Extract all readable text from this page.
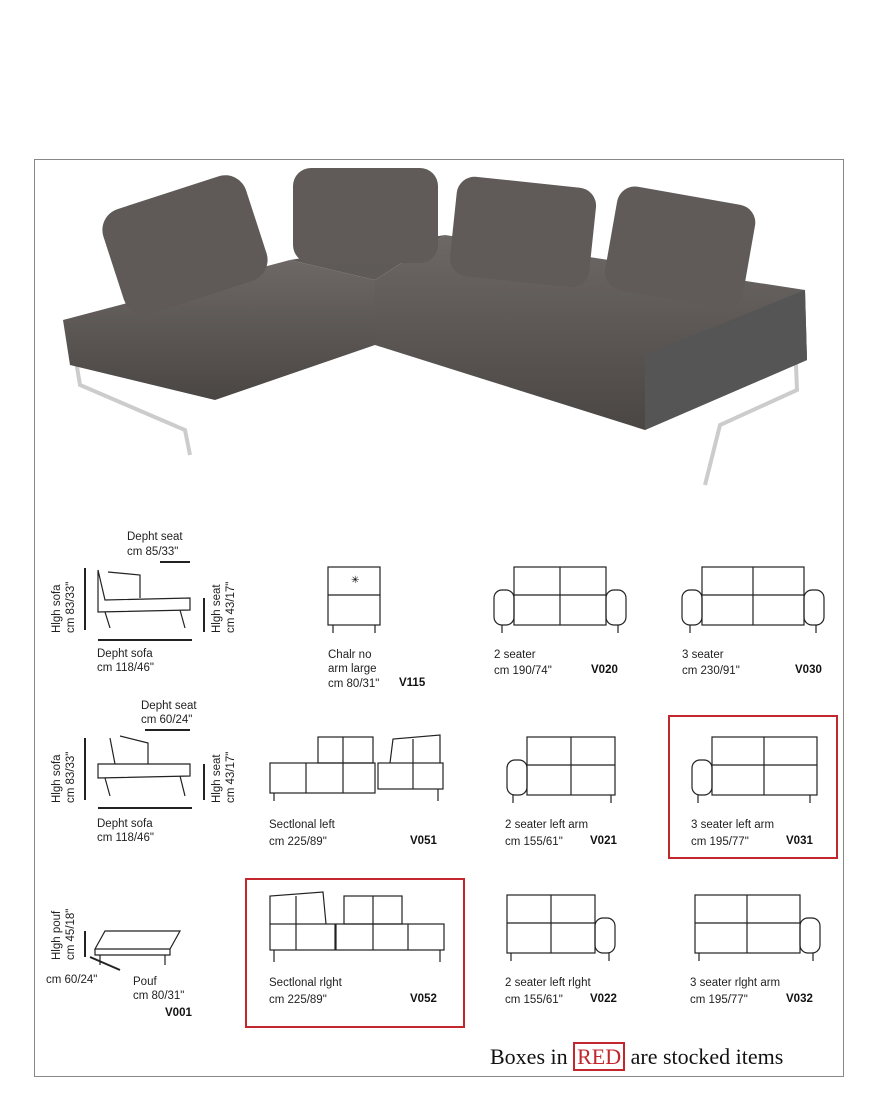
Depht seat
cm 85/33"
Hlgh sofa cm 83/33"	Hlgh seat cm 43/17"
Depht sofa
cm 118/46"
✳
Chalr no
arm large
cm 80/31" V115
2 seater
cm 190/74"	V020
3 seater
cm 230/91"	V030
Depht seat
cm 60/24"
Hlgh sofa cm 83/33"	Hlgh seat cm 43/17"
Depht sofa
cm 118/46"
Sectlonal left
cm 225/89"	V051
2 seater left arm
cm 155/61" V021
3 seater left arm
cm 195/77"	V031
Hlgh pouf cm 45/18"
cm 60/24"	Pouf
cm 80/31"
V001
Sectlonal rlght
cm 225/89"	V052
2 seater left rlght
cm 155/61" V022
3 seater rlght arm
cm 195/77"	V032
Boxes in RED are stocked items
